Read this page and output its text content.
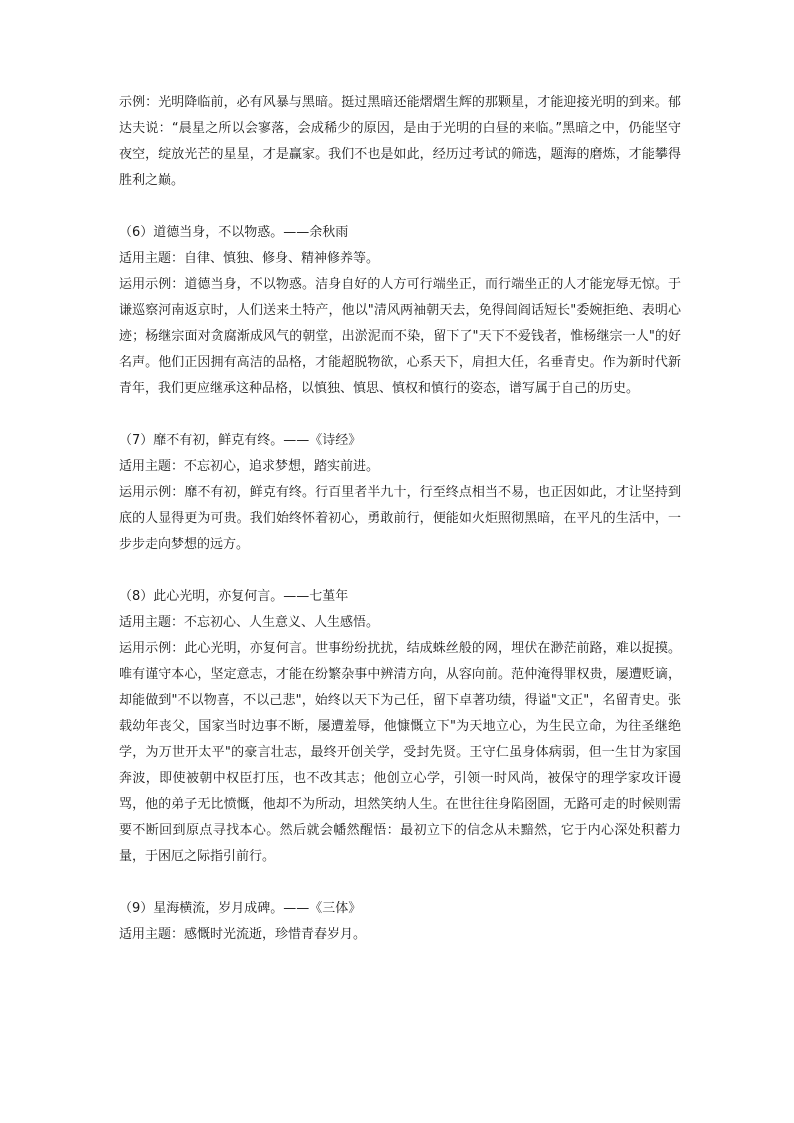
示例：光明降临前，必有风暴与黑暗。挺过黑暗还能熠熠生辉的那颗星，才能迎接光明的到来。郁达夫说：“晨星之所以会寥落，会成稀少的原因，是由于光明的白昼的来临。”黑暗之中，仍能坚守夜空，绽放光芒的星星，才是赢家。我们不也是如此，经历过考试的筛选，题海的磨炼，才能攀得胜利之巅。

（6）道德当身，不以物惑。——余秋雨

适用主题：自律、慎独、修身、精神修养等。

运用示例：道德当身，不以物惑。洁身自好的人方可行端坐正，而行端坐正的人才能宠辱无惊。于谦巡察河南返京时，人们送来土特产，他以"清风两袖朝天去，免得闾阎话短长"委婉拒绝、表明心迹；杨继宗面对贪腐渐成风气的朝堂，出淤泥而不染，留下了"天下不爱钱者，惟杨继宗一人"的好名声。他们正因拥有高洁的品格，才能超脱物欲，心系天下，肩担大任，名垂青史。作为新时代新青年，我们更应继承这种品格，以慎独、慎思、慎权和慎行的姿态，谱写属于自己的历史。

（7）靡不有初，鲜克有终。——《诗经》

适用主题：不忘初心，追求梦想，踏实前进。

运用示例：靡不有初，鲜克有终。行百里者半九十，行至终点相当不易，也正因如此，才让坚持到底的人显得更为可贵。我们始终怀着初心，勇敢前行，便能如火炬照彻黑暗，在平凡的生活中，一步步走向梦想的远方。

（8）此心光明，亦复何言。——七堇年

适用主题：不忘初心、人生意义、人生感悟。

运用示例：此心光明，亦复何言。世事纷纷扰扰，结成蛛丝般的网，埋伏在渺茫前路，难以捉摸。唯有谨守本心，坚定意志，才能在纷繁杂事中辨清方向，从容向前。范仲淹得罪权贵，屡遭贬谪，却能做到"不以物喜，不以己悲"，始终以天下为己任，留下卓著功绩，得谥"文正"，名留青史。张载幼年丧父，国家当时边事不断，屡遭羞辱，他慷慨立下"为天地立心，为生民立命，为往圣继绝学，为万世开太平"的豪言壮志，最终开创关学，受封先贤。王守仁虽身体病弱，但一生甘为家国奔波，即使被朝中权臣打压，也不改其志；他创立心学，引领一时风尚，被保守的理学家攻讦谩骂，他的弟子无比愤慨，他却不为所动，坦然笑纳人生。在世往往身陷囹圄，无路可走的时候则需要不断回到原点寻找本心。然后就会幡然醒悟：最初立下的信念从未黯然，它于内心深处积蓄力量，于困厄之际指引前行。

（9）星海横流，岁月成碑。——《三体》

适用主题：感慨时光流逝，珍惜青春岁月。
